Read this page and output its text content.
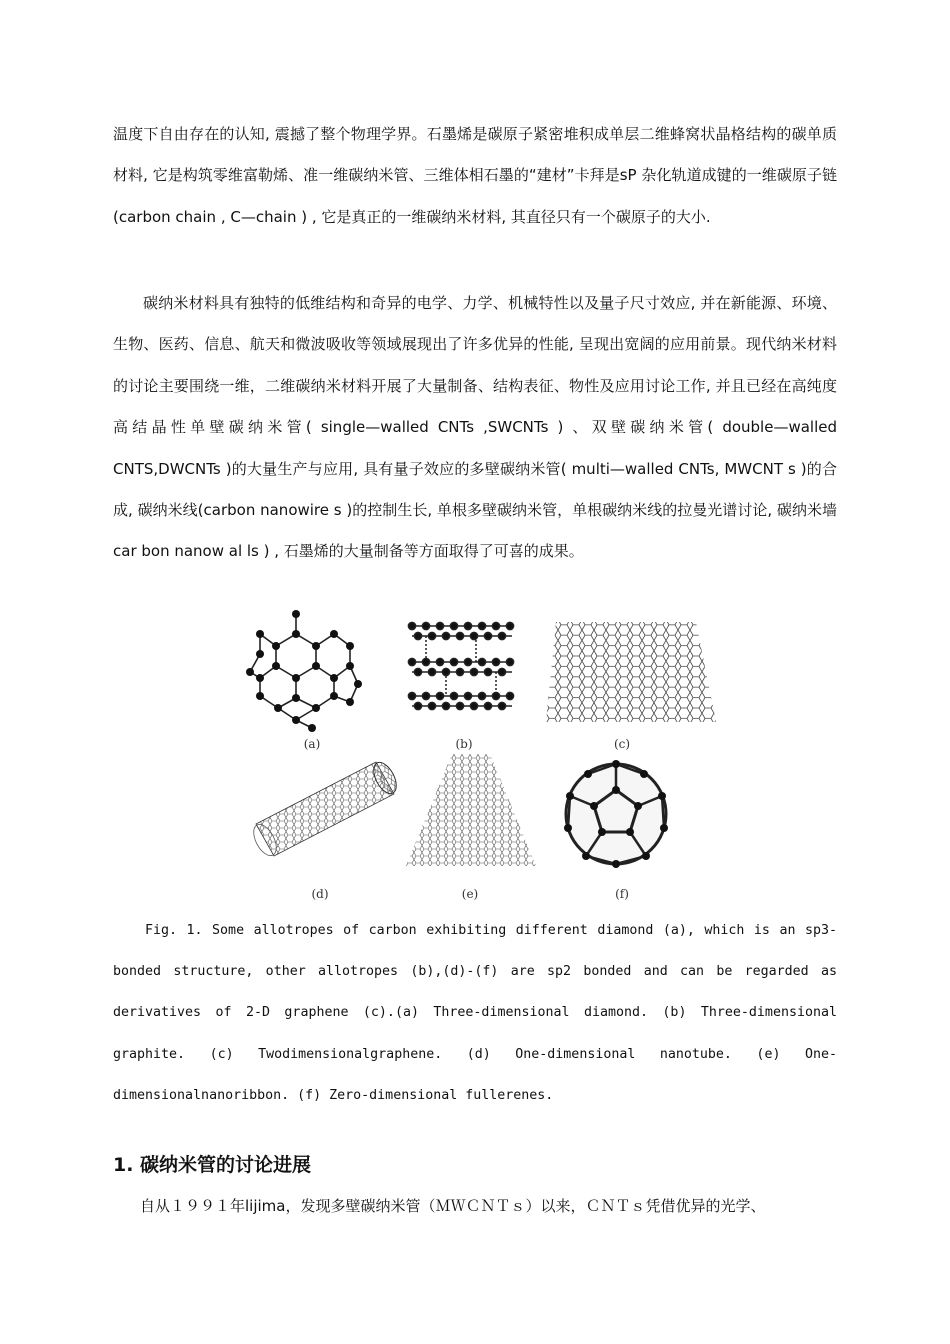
温度下自由存在的认知, 震撼了整个物理学界。石墨烯是碳原子紧密堆积成单层二维蜂窝状晶格结构的碳单质材料, 它是构筑零维富勒烯、准一维碳纳米管、三维体相石墨的“建材”卡拜是sP 杂化轨道成键的一维碳原子链(carbon chain , C—chain ) , 它是真正的一维碳纳米材料, 其直径只有一个碳原子的大小.

碳纳米材料具有独特的低维结构和奇异的电学、力学、机械特性以及量子尺寸效应, 并在新能源、环境、生物、医药、信息、航天和微波吸收等领域展现出了许多优异的性能, 呈现出宽阔的应用前景。现代纳米材料的讨论主要围绕一维，二维碳纳米材料开展了大量制备、结构表征、物性及应用讨论工作, 并且已经在高纯度高结晶性单壁碳纳米管( single—walled CNTs ,SWCNTs ) 、双壁碳纳米管( double—walled CNTS,DWCNTs )的大量生产与应用, 具有量子效应的多壁碳纳米管( multi—walled CNTs, MWCNT s )的合成, 碳纳米线(carbon nanowire s )的控制生长, 单根多壁碳纳米管，单根碳纳米线的拉曼光谱讨论, 碳纳米墙car bon nanow al ls ) , 石墨烯的大量制备等方面取得了可喜的成果。

(a)	(b)	(c)
(d)	(e)	(f)

Fig. 1. Some allotropes of carbon exhibiting different diamond (a), which is an sp3-bonded structure, other allotropes (b),(d)-(f) are sp2 bonded and can be regarded as derivatives of 2-D graphene (c).(a) Three-dimensional diamond. (b) Three-dimensional graphite. (c) Twodimensionalgraphene. (d) One-dimensional nanotube. (e) One-dimensionalnanoribbon. (f) Zero-dimensional fullerenes.

1. 碳纳米管的讨论进展

自从１９９１年lijima，发现多壁碳纳米管（ＭＷＣＮＴｓ）以来，ＣＮＴｓ凭借优异的光学、
